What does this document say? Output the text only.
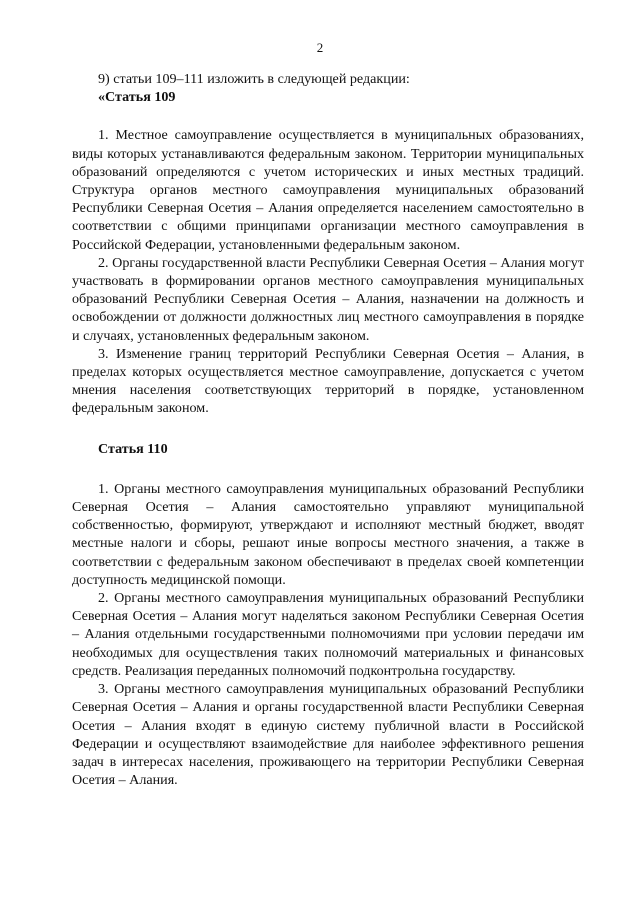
2

9) статьи 109–111 изложить в следующей редакции:

«Статья 109

1. Местное самоуправление осуществляется в муниципальных образованиях, виды которых устанавливаются федеральным законом. Территории муниципальных образований определяются с учетом исторических и иных местных традиций. Структура органов местного самоуправления муниципальных образований Республики Северная Осетия – Алания определяется населением самостоятельно в соответствии с общими принципами организации местного самоуправления в Российской Федерации, установленными федеральным законом.

2. Органы государственной власти Республики Северная Осетия – Алания могут участвовать в формировании органов местного самоуправления муниципальных образований Республики Северная Осетия – Алания, назначении на должность и освобождении от должности должностных лиц местного самоуправления в порядке и случаях, установленных федеральным законом.

3. Изменение границ территорий Республики Северная Осетия – Алания, в пределах которых осуществляется местное самоуправление, допускается с учетом мнения населения соответствующих территорий в порядке, установленном федеральным законом.

Статья 110

1. Органы местного самоуправления муниципальных образований Республики Северная Осетия – Алания самостоятельно управляют муниципальной собственностью, формируют, утверждают и исполняют местный бюджет, вводят местные налоги и сборы, решают иные вопросы местного значения, а также в соответствии с федеральным законом обеспечивают в пределах своей компетенции доступность медицинской помощи.

2. Органы местного самоуправления муниципальных образований Республики Северная Осетия – Алания могут наделяться законом Республики Северная Осетия – Алания отдельными государственными полномочиями при условии передачи им необходимых для осуществления таких полномочий материальных и финансовых средств. Реализация переданных полномочий подконтрольна государству.

3. Органы местного самоуправления муниципальных образований Республики Северная Осетия – Алания и органы государственной власти Республики Северная Осетия – Алания входят в единую систему публичной власти в Российской Федерации и осуществляют взаимодействие для наиболее эффективного решения задач в интересах населения, проживающего на территории Республики Северная Осетия – Алания.
